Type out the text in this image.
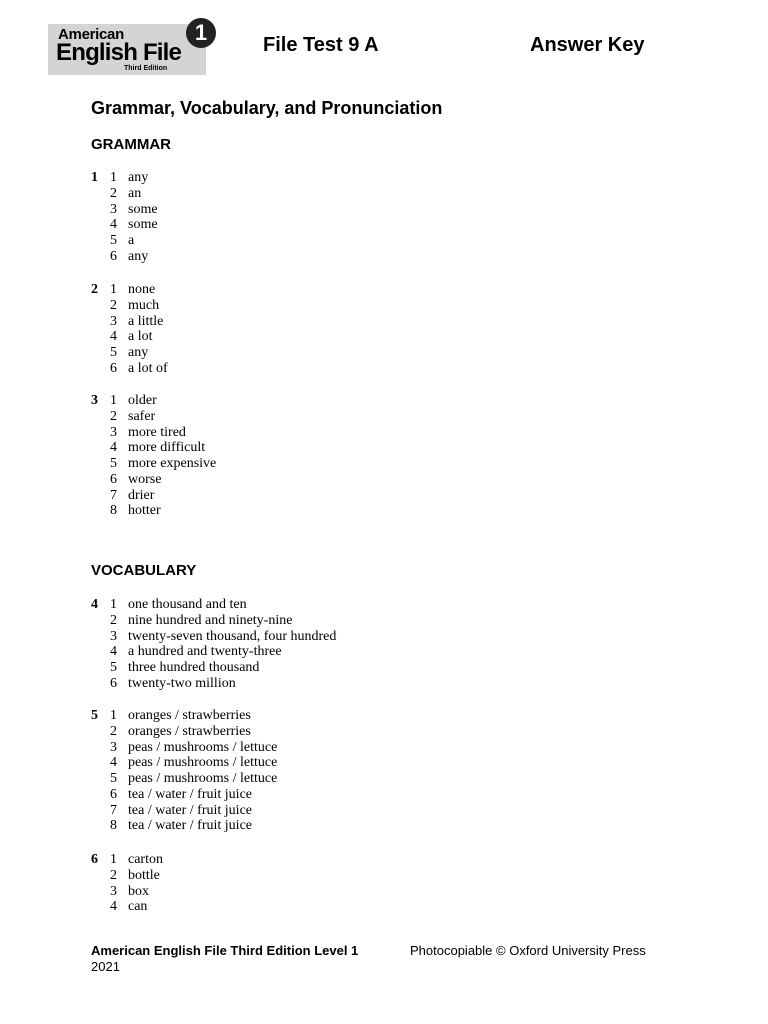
American
English File
Third Edition
1	File Test 9 A	Answer Key
Grammar, Vocabulary, and Pronunciation
GRAMMAR
1 1 any
2 an
3 some
4 some
5 a
6 any
2 1 none
2 much
3 a little
4 a lot
5 any
6 a lot of
3 1 older
2 safer
3 more tired
4 more difficult
5 more expensive
6 worse
7 drier
8 hotter
VOCABULARY
4 1 one thousand and ten
2 nine hundred and ninety-nine
3 twenty-seven thousand, four hundred
4 a hundred and twenty-three
5 three hundred thousand
6 twenty-two million
5 1 oranges / strawberries
2 oranges / strawberries
3 peas / mushrooms / lettuce
4 peas / mushrooms / lettuce
5 peas / mushrooms / lettuce
6 tea / water / fruit juice
7 tea / water / fruit juice
8 tea / water / fruit juice
6 1 carton
2 bottle
3 box
4 can
American English File Third Edition Level 1
2021
Photocopiable © Oxford University Press
